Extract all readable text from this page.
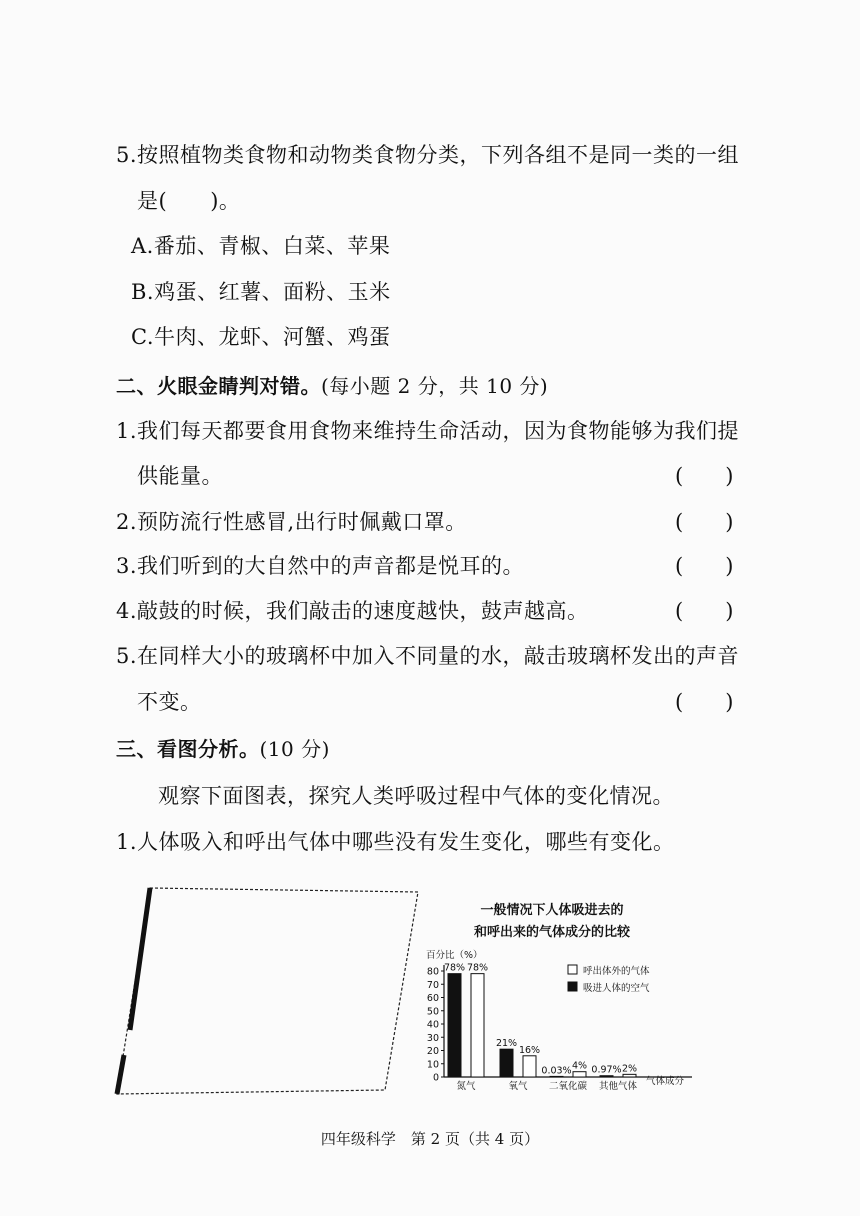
5.按照植物类食物和动物类食物分类，下列各组不是同一类的一组
是(　　)。
A.番茄、青椒、白菜、苹果
B.鸡蛋、红薯、面粉、玉米
C.牛肉、龙虾、河蟹、鸡蛋
二、火眼金睛判对错。(每小题 2 分，共 10 分)
1.我们每天都要食用食物来维持生命活动，因为食物能够为我们提
供能量。	(　　)
2.预防流行性感冒,出行时佩戴口罩。	(　　)
3.我们听到的大自然中的声音都是悦耳的。	(　　)
4.敲鼓的时候，我们敲击的速度越快，鼓声越高。	(　　)
5.在同样大小的玻璃杯中加入不同量的水，敲击玻璃杯发出的声音
不变。	(　　)
三、看图分析。(10 分)
观察下面图表，探究人类呼吸过程中气体的变化情况。
1.人体吸入和呼出气体中哪些没有发生变化，哪些有变化。
一般情况下人体吸进去的
和呼出来的气体成分的比较
百分比（%）
0
10
20
30
40
50
60
70
80 78% 78%
氮气
21%
16%
氧气
0.03% 4%
二氧化碳
0.97% 2%
其他气体
呼出体外的气体
吸进人体的空气
气体成分
四年级科学　第 2 页（共 4 页）
